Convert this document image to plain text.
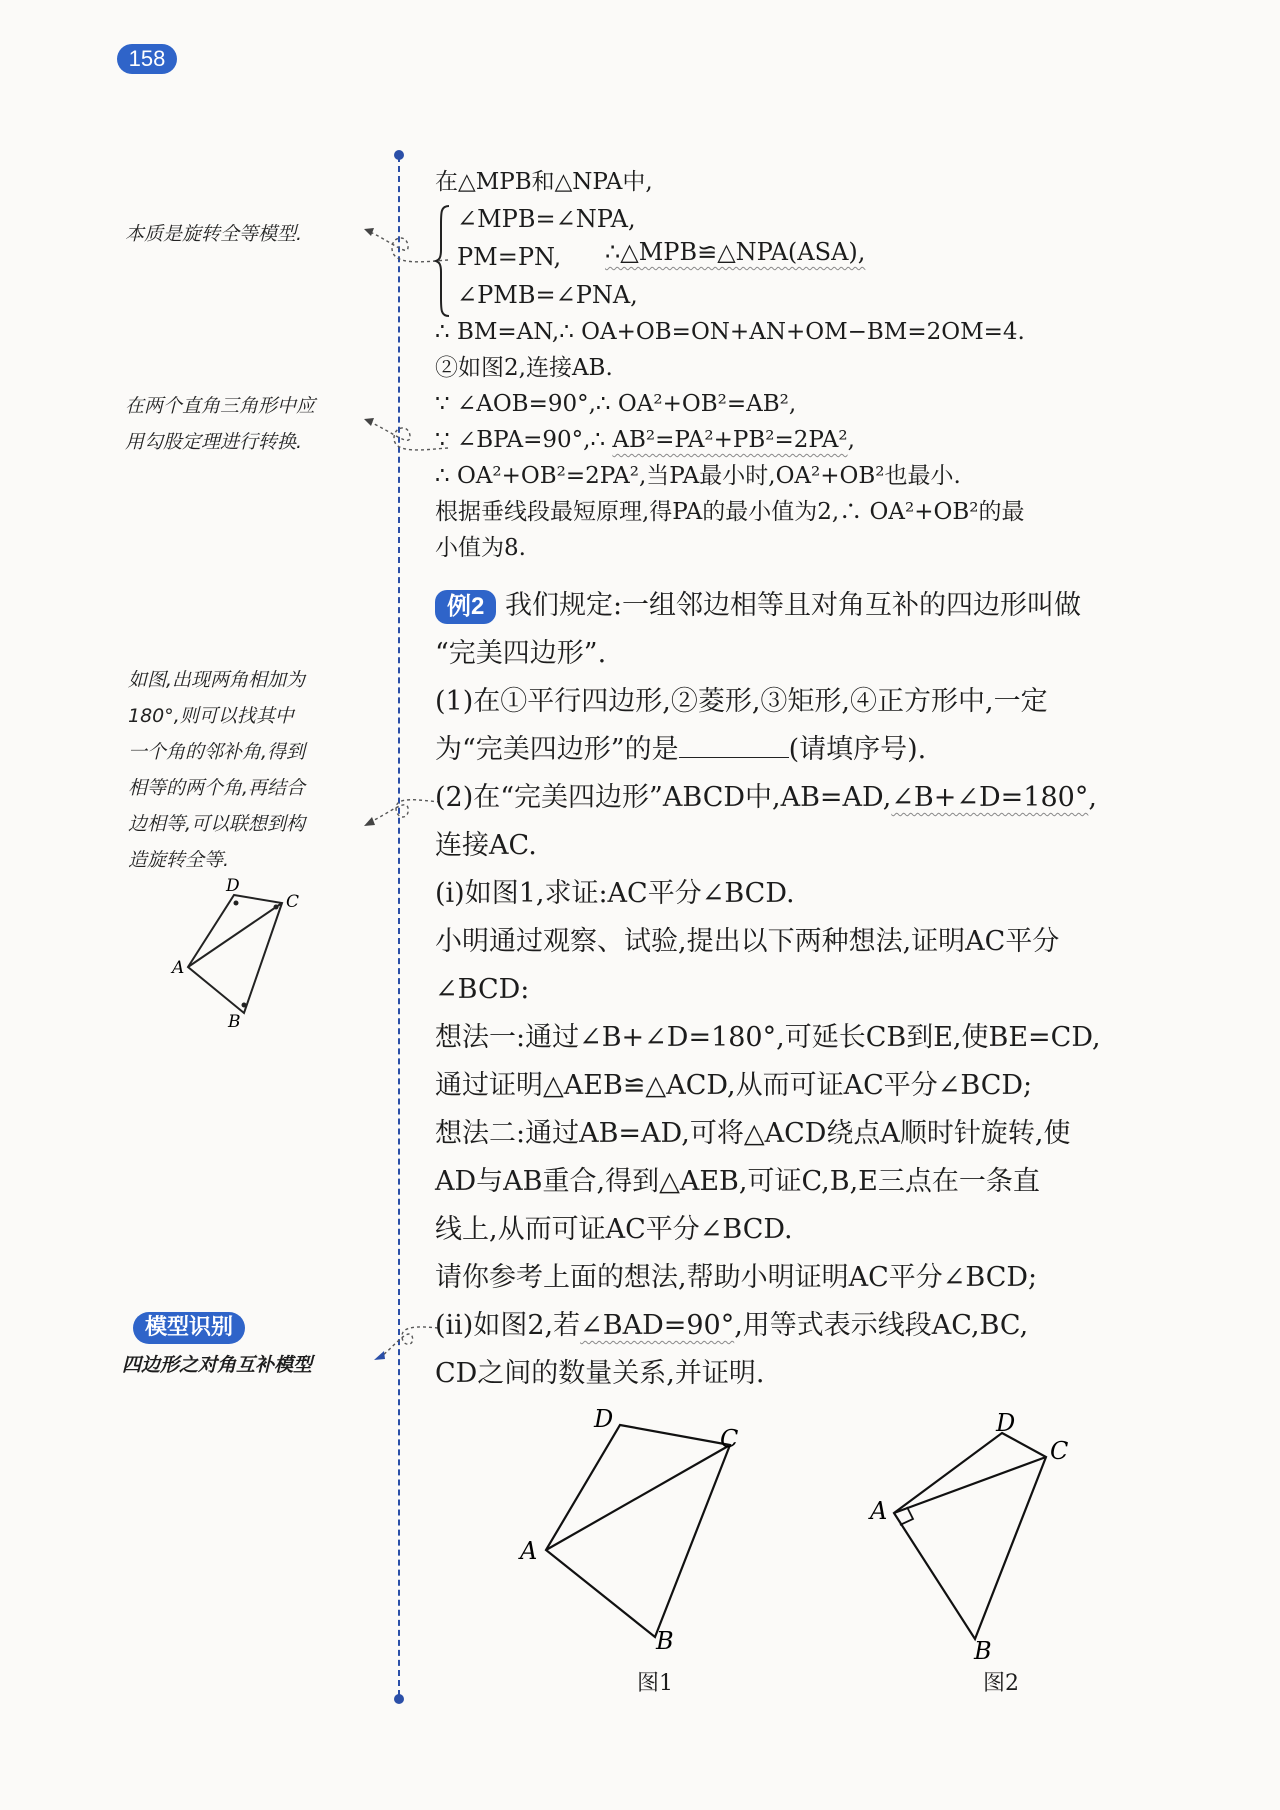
158

本质是旋转全等模型.

在两个直角三角形中应
用勾股定理进行转换.

如图,出现两角相加为
180°,则可以找其中
一个角的邻补角,得到
相等的两个角,再结合
边相等,可以联想到构
造旋转全等.

D
C
A
B
模型识别
四边形之对角互补模型
在△MPB和△NPA中,
∠MPB=∠NPA,
PM=PN,
∠PMB=∠PNA,
∴△MPB≌△NPA(ASA),
∴ BM=AN,∴ OA+OB=ON+AN+OM−BM=2OM=4.
②如图2,连接AB.
∵ ∠AOB=90°,∴ OA²+OB²=AB²,
∵ ∠BPA=90°,∴ AB²=PA²+PB²=2PA²,
∴ OA²+OB²=2PA²,当PA最小时,OA²+OB²也最小.
根据垂线段最短原理,得PA的最小值为2,∴ OA²+OB²的最
小值为8.
例2 我们规定:一组邻边相等且对角互补的四边形叫做
“完美四边形”.
(1)在①平行四边形,②菱形,③矩形,④正方形中,一定
为“完美四边形”的是	(请填序号).
(2)在“完美四边形”ABCD中,AB=AD,∠B+∠D=180°,
连接AC.
(ⅰ)如图1,求证:AC平分∠BCD.
小明通过观察、试验,提出以下两种想法,证明AC平分
∠BCD:
想法一:通过∠B+∠D=180°,可延长CB到E,使BE=CD,
通过证明△AEB≌△ACD,从而可证AC平分∠BCD;
想法二:通过AB=AD,可将△ACD绕点A顺时针旋转,使
AD与AB重合,得到△AEB,可证C,B,E三点在一条直
线上,从而可证AC平分∠BCD.
请你参考上面的想法,帮助小明证明AC平分∠BCD;
(ⅱ)如图2,若∠BAD=90°,用等式表示线段AC,BC,
CD之间的数量关系,并证明.
D
C
A
B
图1
D
C
A
B
图2
